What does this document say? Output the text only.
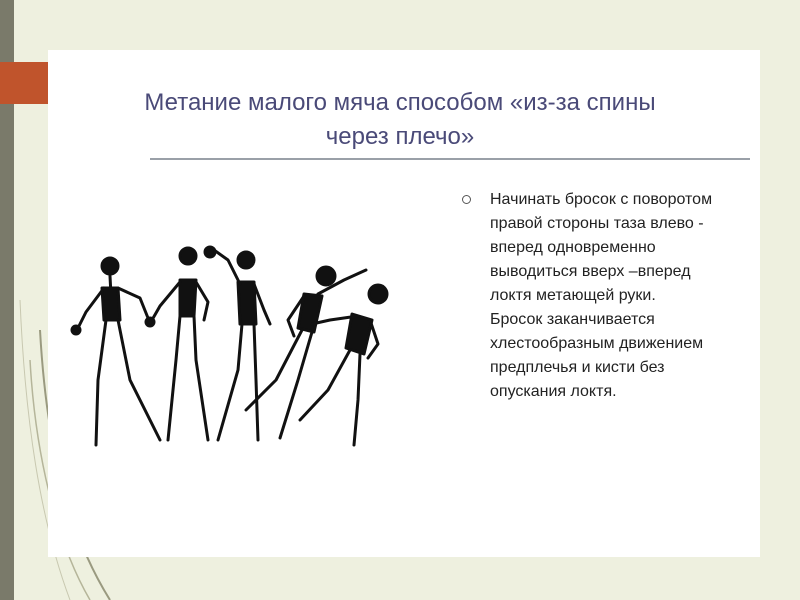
Метание малого мяча способом «из-за спины
через плечо»
Начинать бросок с поворотом
правой стороны таза влево -
вперед одновременно
выводиться вверх –вперед
локтя метающей руки.
Бросок заканчивается
хлестообразным движением
предплечья и кисти без
опускания локтя.
